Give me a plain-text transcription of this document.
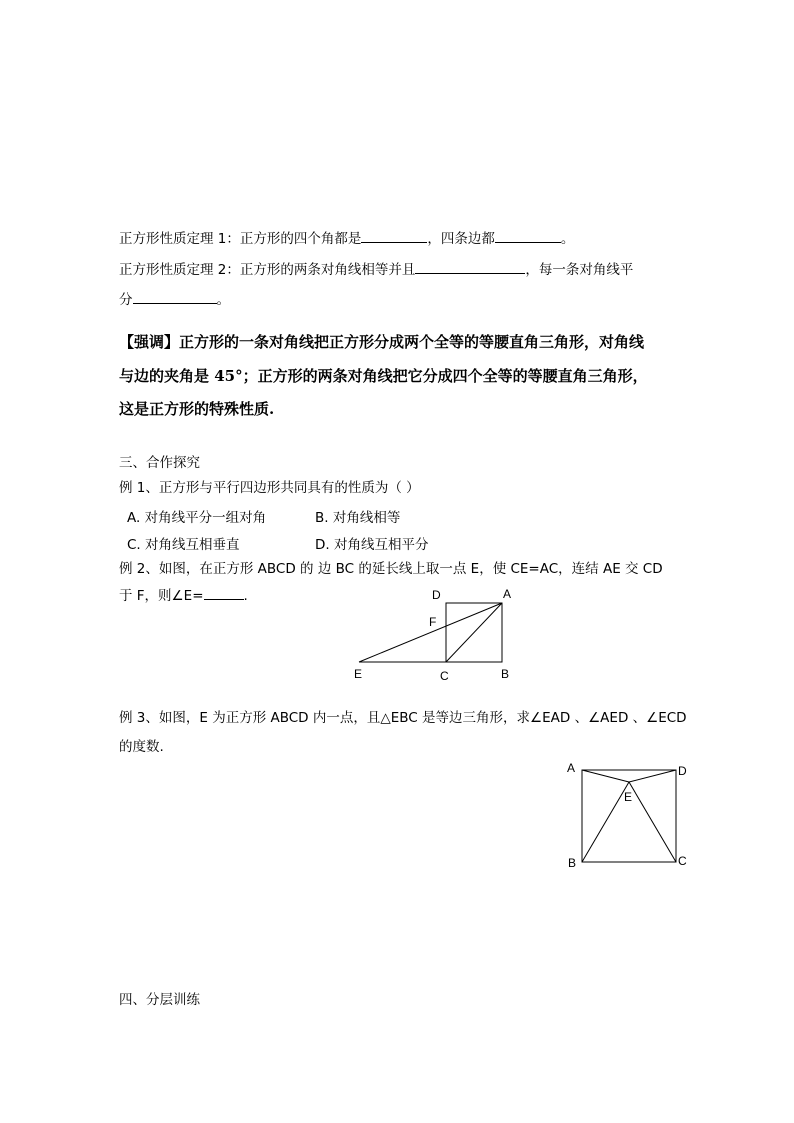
正方形性质定理 1：正方形的四个角都是	，四条边都	。
正方形性质定理 2：正方形的两条对角线相等并且	，每一条对角线平
分	。
【强调】正方形的一条对角线把正方形分成两个全等的等腰直角三角形，对角线
与边的夹角是 45°；正方形的两条对角线把它分成四个全等的等腰直角三角形，
这是正方形的特殊性质.
三、合作探究
例 1、正方形与平行四边形共同具有的性质为（ ）
A. 对角线平分一组对角	B. 对角线相等
C. 对角线互相垂直	D. 对角线互相平分
例 2、如图，在正方形 ABCD 的 边 BC 的延长线上取一点 E，使 CE=AC，连结 AE 交 CD
于 F，则∠E=	.	D	A
F
E	C	B
例 3、如图，E 为正方形 ABCD 内一点，且△EBC 是等边三角形，求∠EAD 、∠AED 、∠ECD
的度数.
A	D
E
B	C
四、分层训练
